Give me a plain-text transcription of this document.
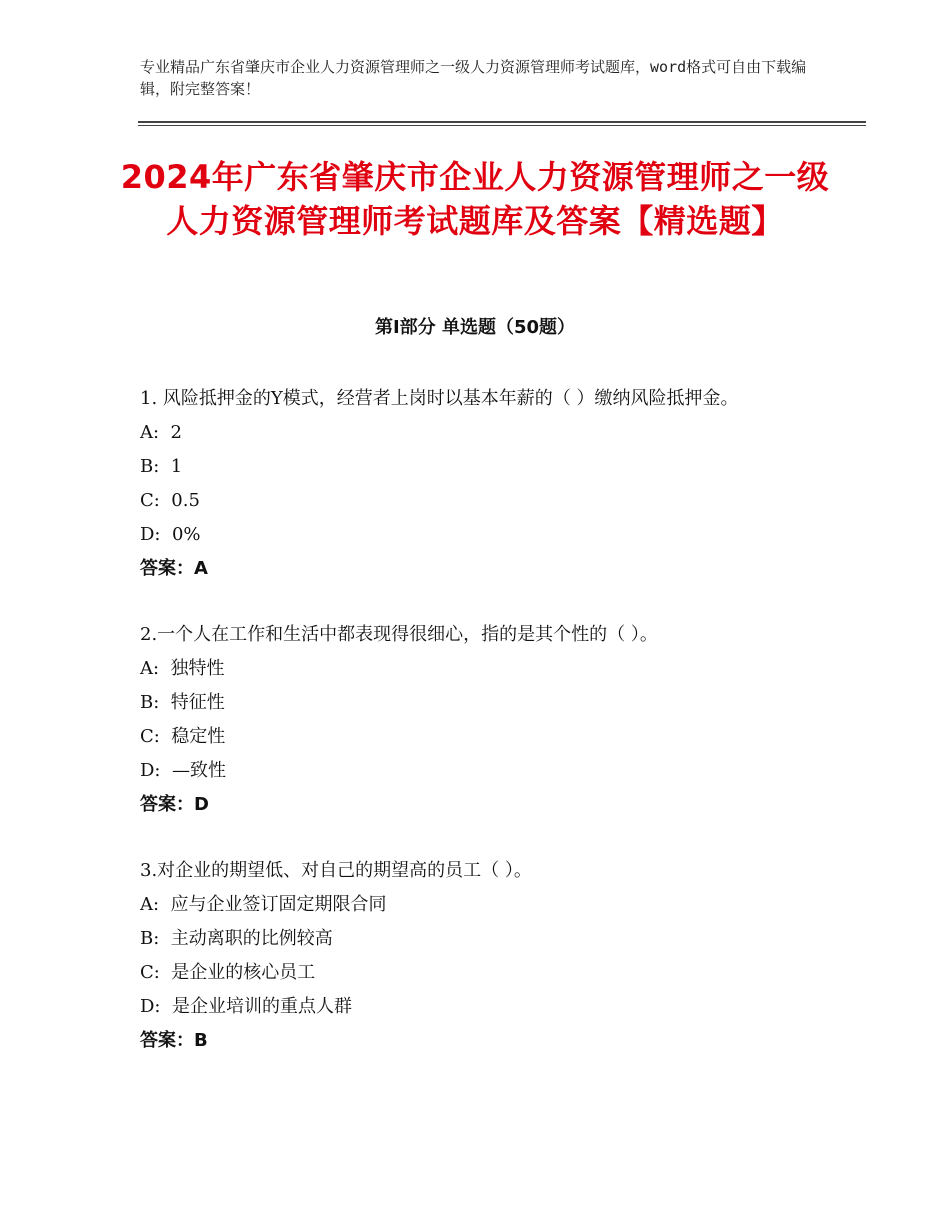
专业精品广东省肇庆市企业人力资源管理师之一级人力资源管理师考试题库，word格式可自由下载编辑，附完整答案！
2024年广东省肇庆市企业人力资源管理师之一级人力资源管理师考试题库及答案【精选题】
第Ⅰ部分 单选题（50题）
1. 风险抵押金的Y模式，经营者上岗时以基本年薪的（ ）缴纳风险抵押金。
A:  2
B:  1
C:  0.5
D:  0%
答案：A
2.一个人在工作和生活中都表现得很细心，指的是其个性的（ ）。
A:  独特性
B:  特征性
C:  稳定性
D:  —致性
答案：D
3.对企业的期望低、对自己的期望高的员工（ ）。
A:  应与企业签订固定期限合同
B:  主动离职的比例较高
C:  是企业的核心员工
D:  是企业培训的重点人群
答案：B
